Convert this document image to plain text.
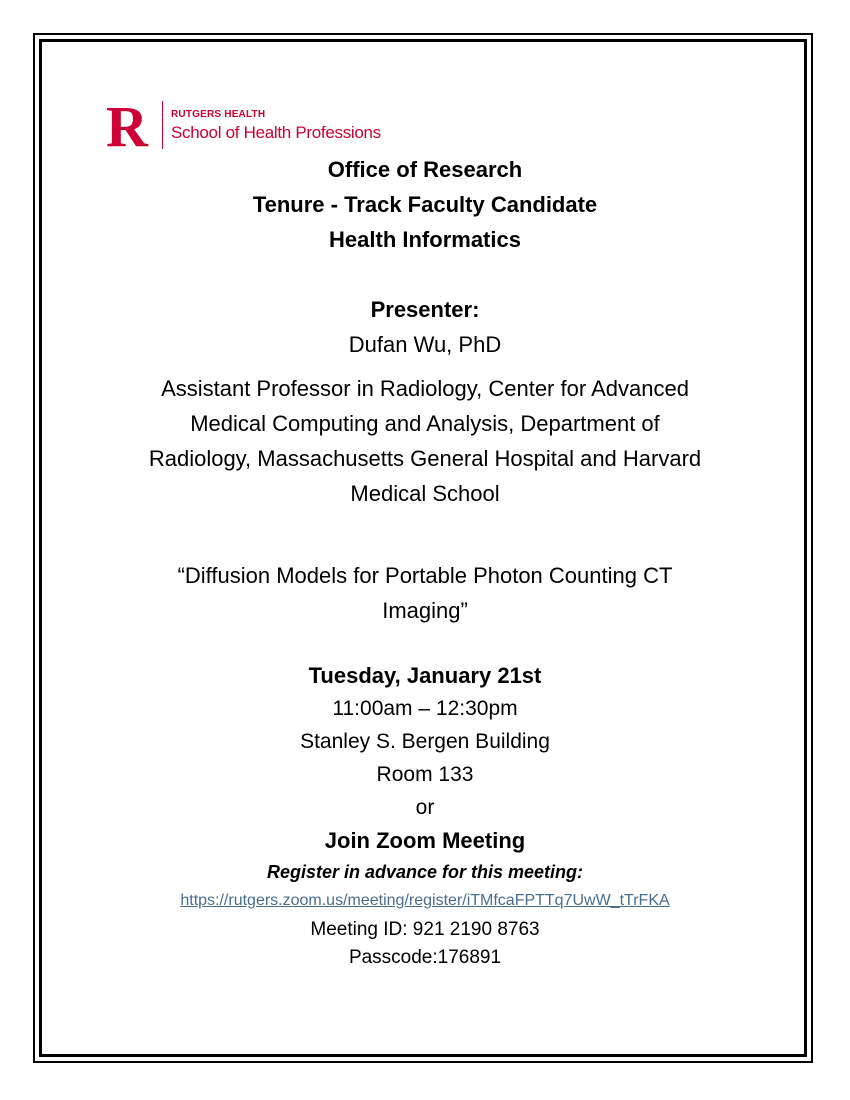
R RUTGERS HEALTH
School of Health Professions

Office of Research

Tenure - Track Faculty Candidate

Health Informatics

Presenter:

Dufan Wu, PhD

Assistant Professor in Radiology, Center for Advanced

Medical Computing and Analysis, Department of

Radiology, Massachusetts General Hospital and Harvard

Medical School

“Diffusion Models for Portable Photon Counting CT

Imaging”

Tuesday, January 21st

11:00am – 12:30pm

Stanley S. Bergen Building

Room 133

or

Join Zoom Meeting

Register in advance for this meeting:

https://rutgers.zoom.us/meeting/register/iTMfcaFPTTq7UwW_tTrFKA

Meeting ID: 921 2190 8763

Passcode:176891
